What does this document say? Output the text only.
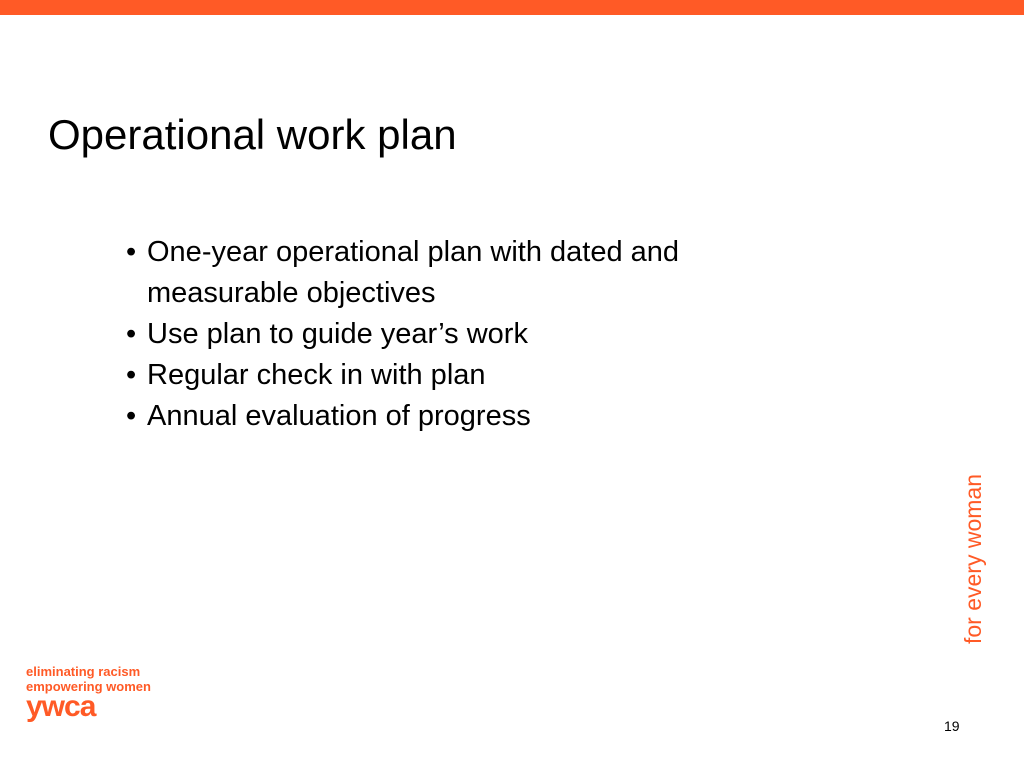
Operational work plan
• One-year operational plan with dated and measurable objectives
• Use plan to guide year’s work
• Regular check in with plan
• Annual evaluation of progress
for every woman
eliminating racism
empowering women
ywca
19
